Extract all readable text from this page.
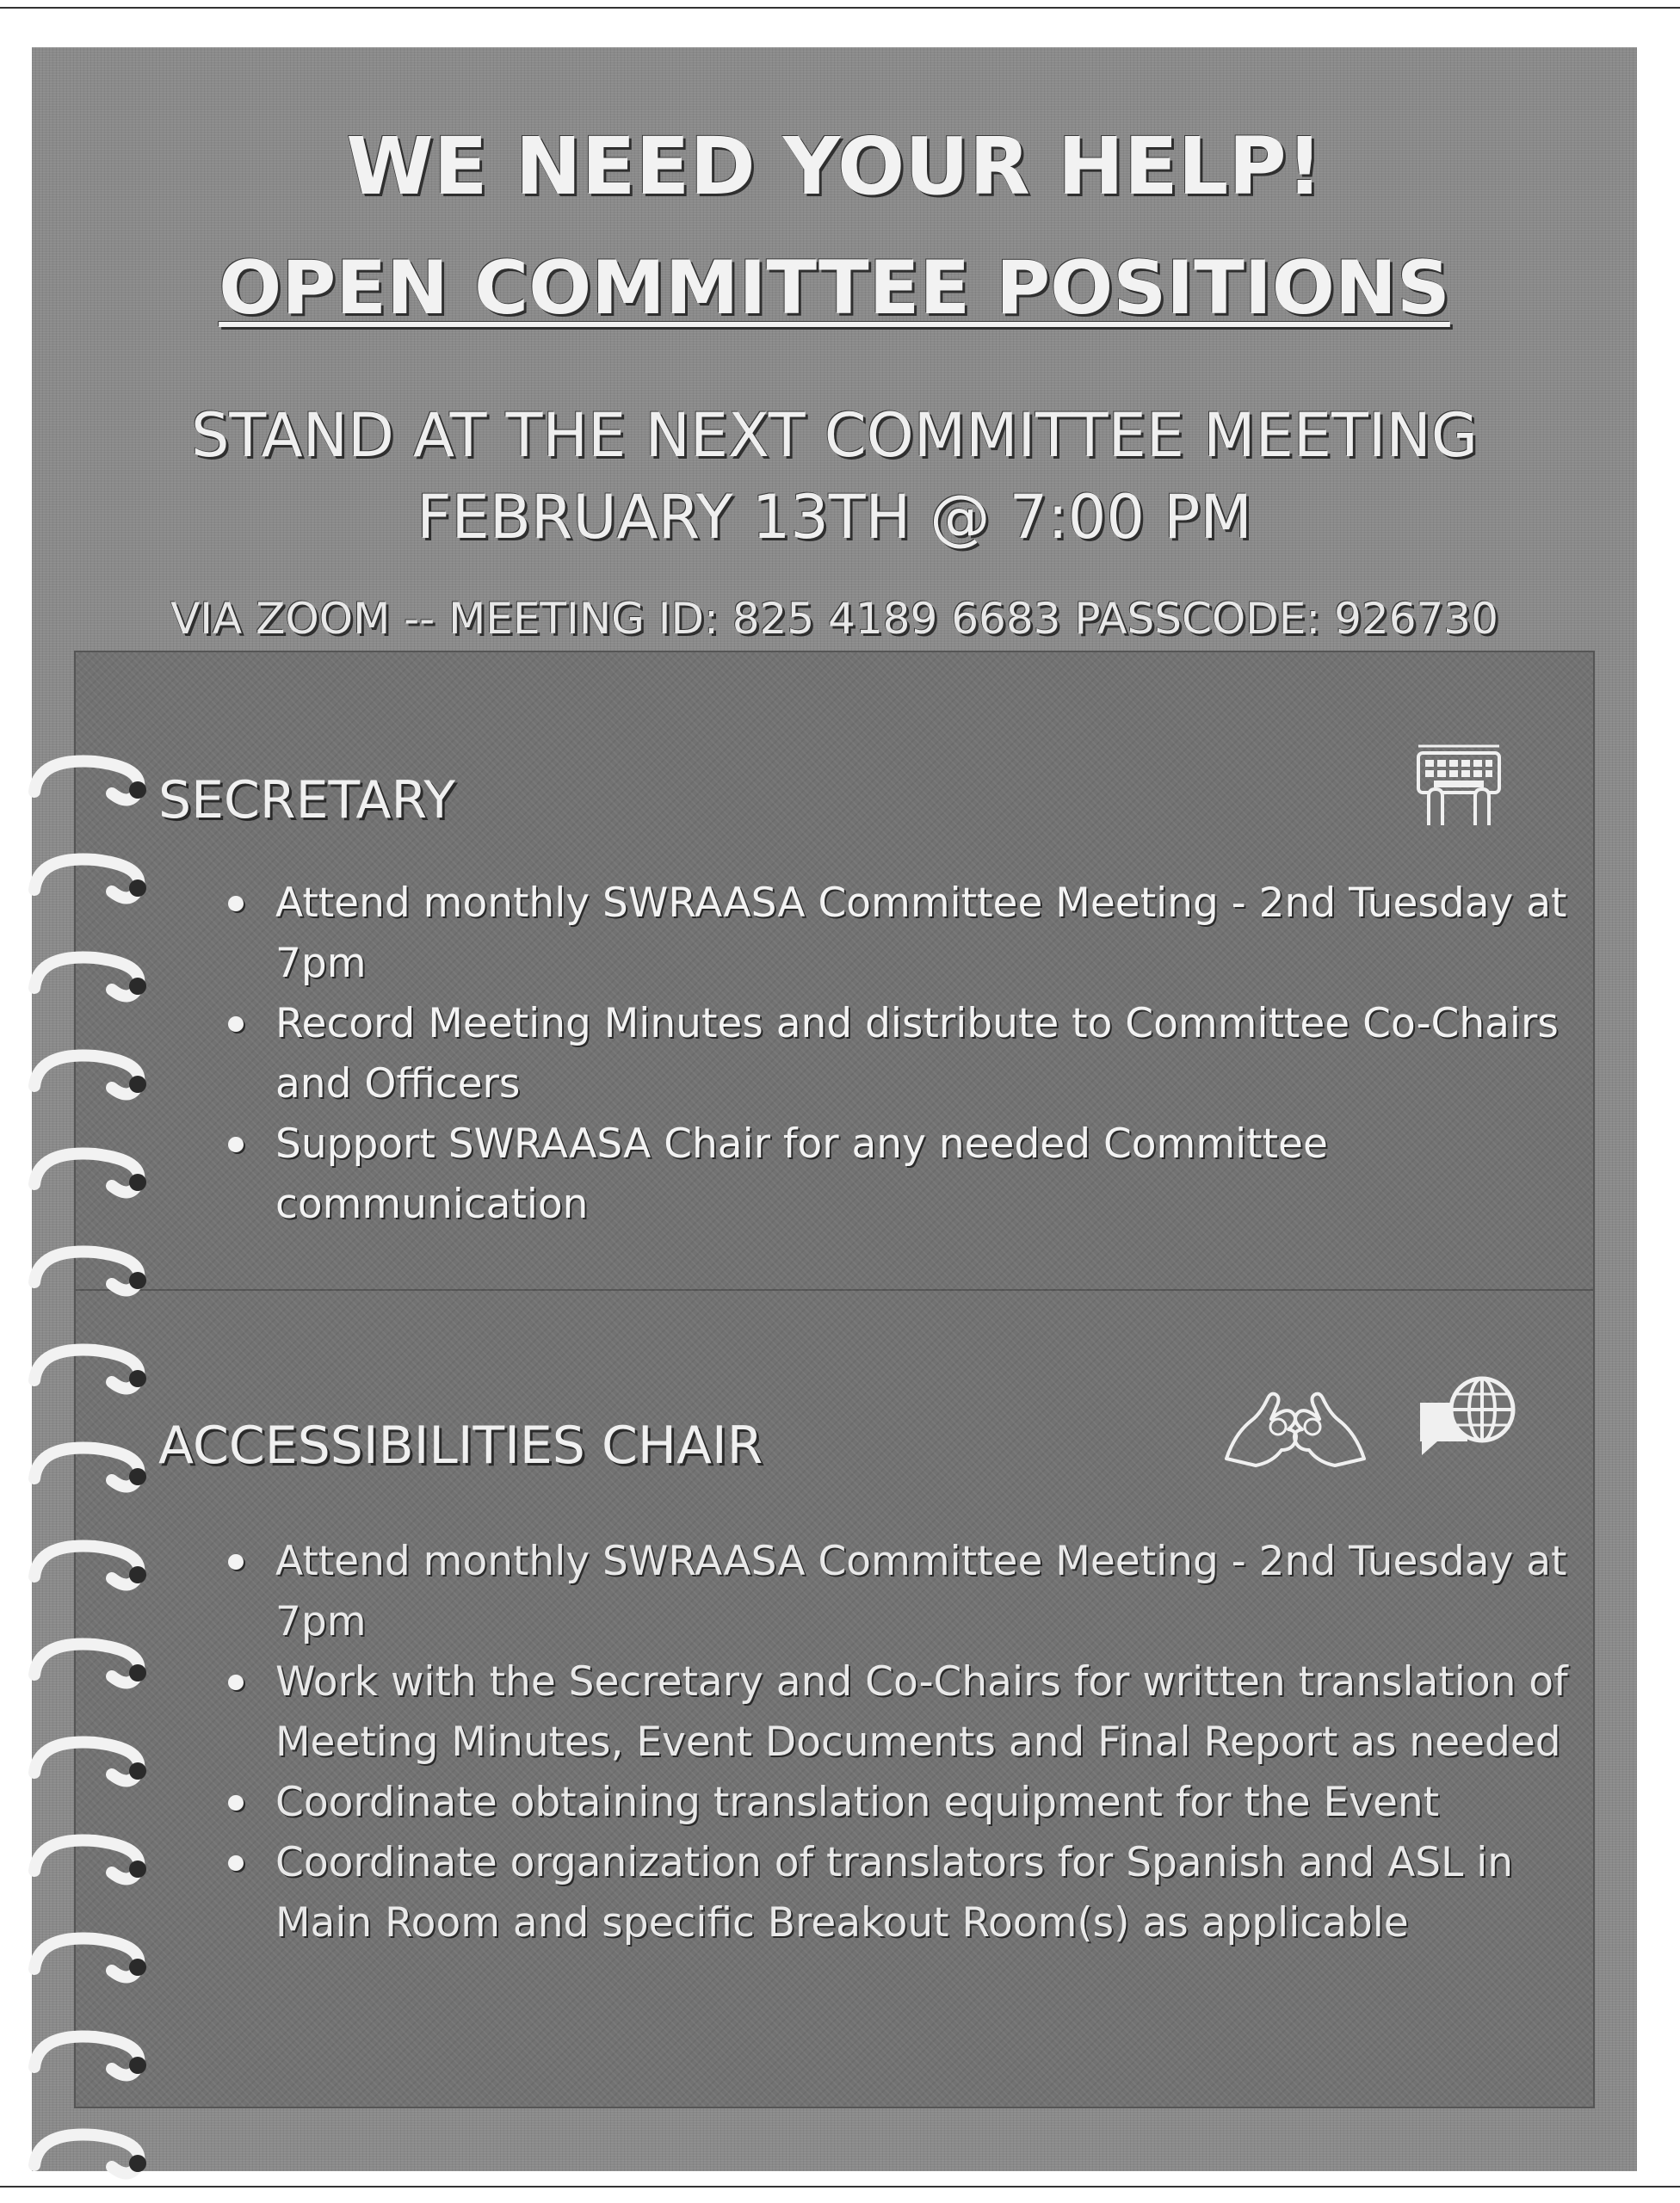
WE NEED YOUR HELP!
OPEN COMMITTEE POSITIONS
STAND AT THE NEXT COMMITTEE MEETING
FEBRUARY 13TH @ 7:00 PM
VIA ZOOM -- MEETING ID: 825 4189 6683 PASSCODE: 926730
SECRETARY
Attend monthly SWRAASA Committee Meeting - 2nd Tuesday at 7pm
Record Meeting Minutes and distribute to Committee Co-Chairs and Officers
Support SWRAASA Chair for any needed Committee communication
ACCESSIBILITIES CHAIR
Attend monthly SWRAASA Committee Meeting - 2nd Tuesday at 7pm
Work with the Secretary and Co-Chairs for written translation of Meeting Minutes, Event Documents and Final Report as needed
Coordinate obtaining translation equipment for the Event
Coordinate organization of translators for Spanish and ASL in Main Room and specific Breakout Room(s) as applicable
